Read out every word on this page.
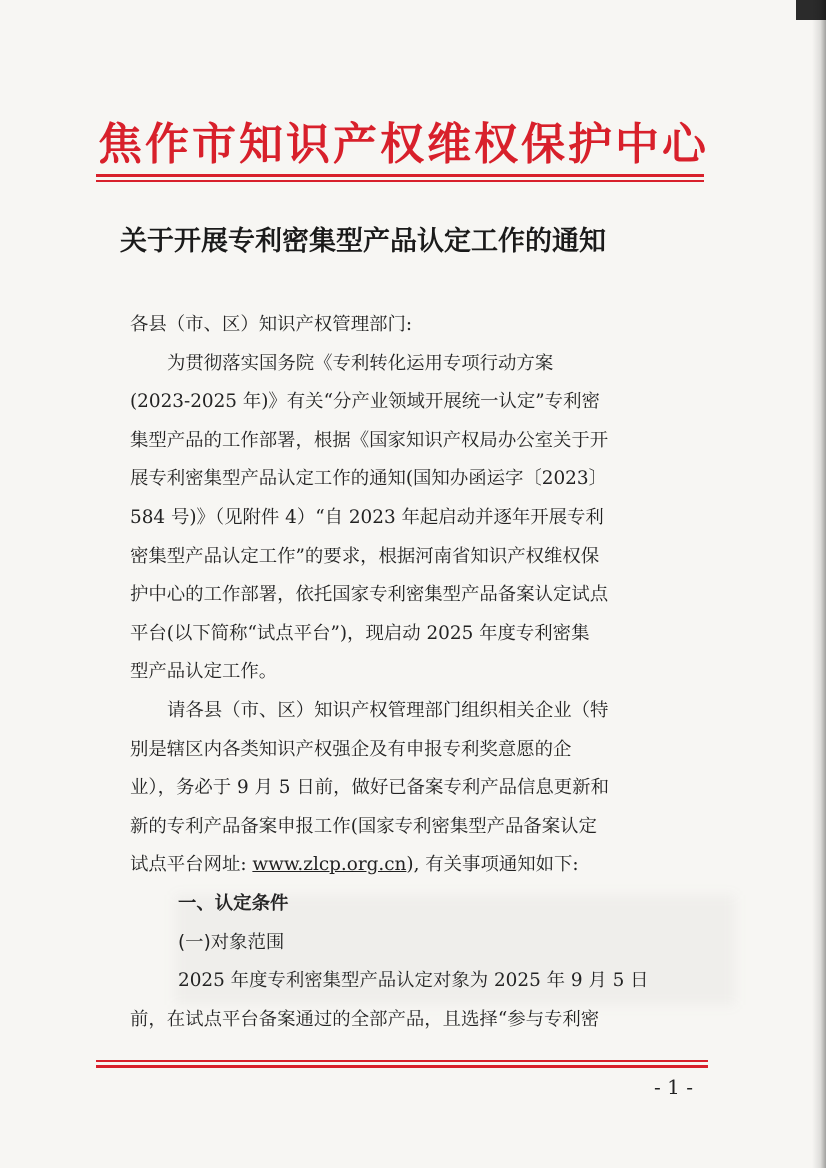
焦作市知识产权维权保护中心
关于开展专利密集型产品认定工作的通知
各县（市、区）知识产权管理部门:
为贯彻落实国务院《专利转化运用专项行动方案
(2023-2025 年)》有关“分产业领域开展统一认定”专利密
集型产品的工作部署，根据《国家知识产权局办公室关于开
展专利密集型产品认定工作的通知(国知办函运字〔2023〕
584 号)》（见附件 4）“自 2023 年起启动并逐年开展专利
密集型产品认定工作”的要求，根据河南省知识产权维权保
护中心的工作部署，依托国家专利密集型产品备案认定试点
平台(以下简称“试点平台”)，现启动 2025 年度专利密集
型产品认定工作。
请各县（市、区）知识产权管理部门组织相关企业（特
别是辖区内各类知识产权强企及有申报专利奖意愿的企
业），务必于 9 月 5 日前，做好已备案专利产品信息更新和
新的专利产品备案申报工作(国家专利密集型产品备案认定
试点平台网址: www.zlcp.org.cn), 有关事项通知如下:
一、认定条件
(一)对象范围
2025 年度专利密集型产品认定对象为 2025 年 9 月 5 日
前，在试点平台备案通过的全部产品，且选择“参与专利密
- 1 -
